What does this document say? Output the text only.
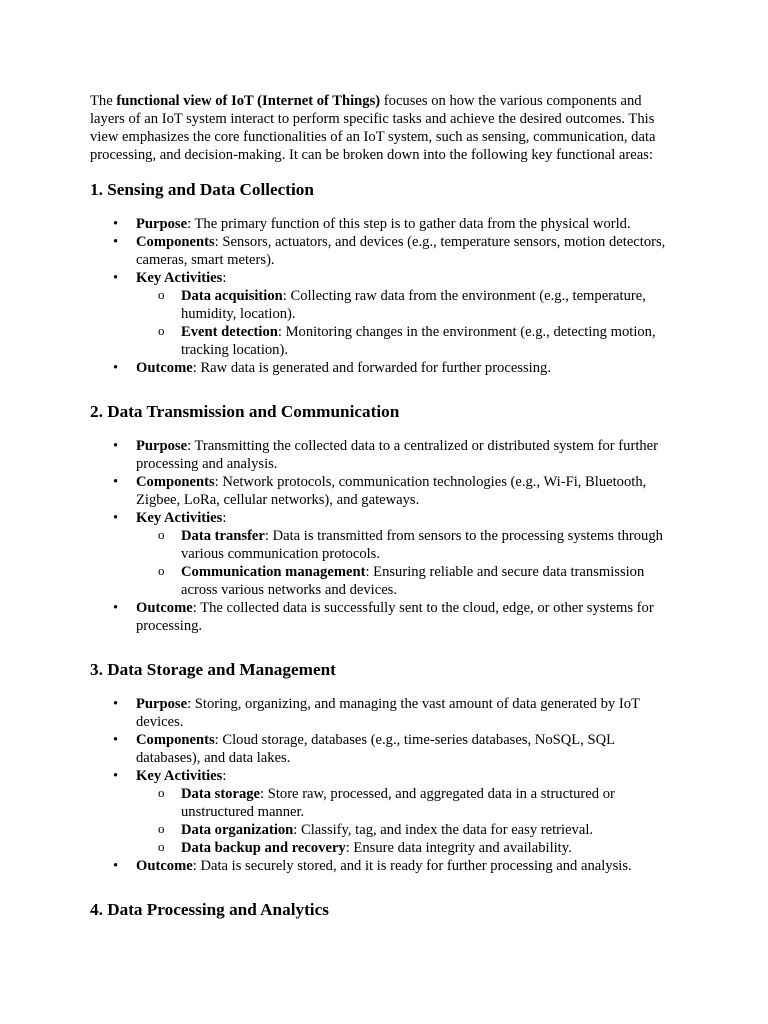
The functional view of IoT (Internet of Things) focuses on how the various components and layers of an IoT system interact to perform specific tasks and achieve the desired outcomes. This view emphasizes the core functionalities of an IoT system, such as sensing, communication, data processing, and decision-making. It can be broken down into the following key functional areas:

1. Sensing and Data Collection
• Purpose: The primary function of this step is to gather data from the physical world.
• Components: Sensors, actuators, and devices (e.g., temperature sensors, motion detectors, cameras, smart meters).
• Key Activities:
o Data acquisition: Collecting raw data from the environment (e.g., temperature, humidity, location).
o Event detection: Monitoring changes in the environment (e.g., detecting motion, tracking location).
• Outcome: Raw data is generated and forwarded for further processing.
2. Data Transmission and Communication
• Purpose: Transmitting the collected data to a centralized or distributed system for further processing and analysis.
• Components: Network protocols, communication technologies (e.g., Wi-Fi, Bluetooth, Zigbee, LoRa, cellular networks), and gateways.
• Key Activities:
o Data transfer: Data is transmitted from sensors to the processing systems through various communication protocols.
o Communication management: Ensuring reliable and secure data transmission across various networks and devices.
• Outcome: The collected data is successfully sent to the cloud, edge, or other systems for processing.
3. Data Storage and Management
• Purpose: Storing, organizing, and managing the vast amount of data generated by IoT devices.
• Components: Cloud storage, databases (e.g., time-series databases, NoSQL, SQL databases), and data lakes.
• Key Activities:
o Data storage: Store raw, processed, and aggregated data in a structured or unstructured manner.
o Data organization: Classify, tag, and index the data for easy retrieval.
o Data backup and recovery: Ensure data integrity and availability.
• Outcome: Data is securely stored, and it is ready for further processing and analysis.
4. Data Processing and Analytics
